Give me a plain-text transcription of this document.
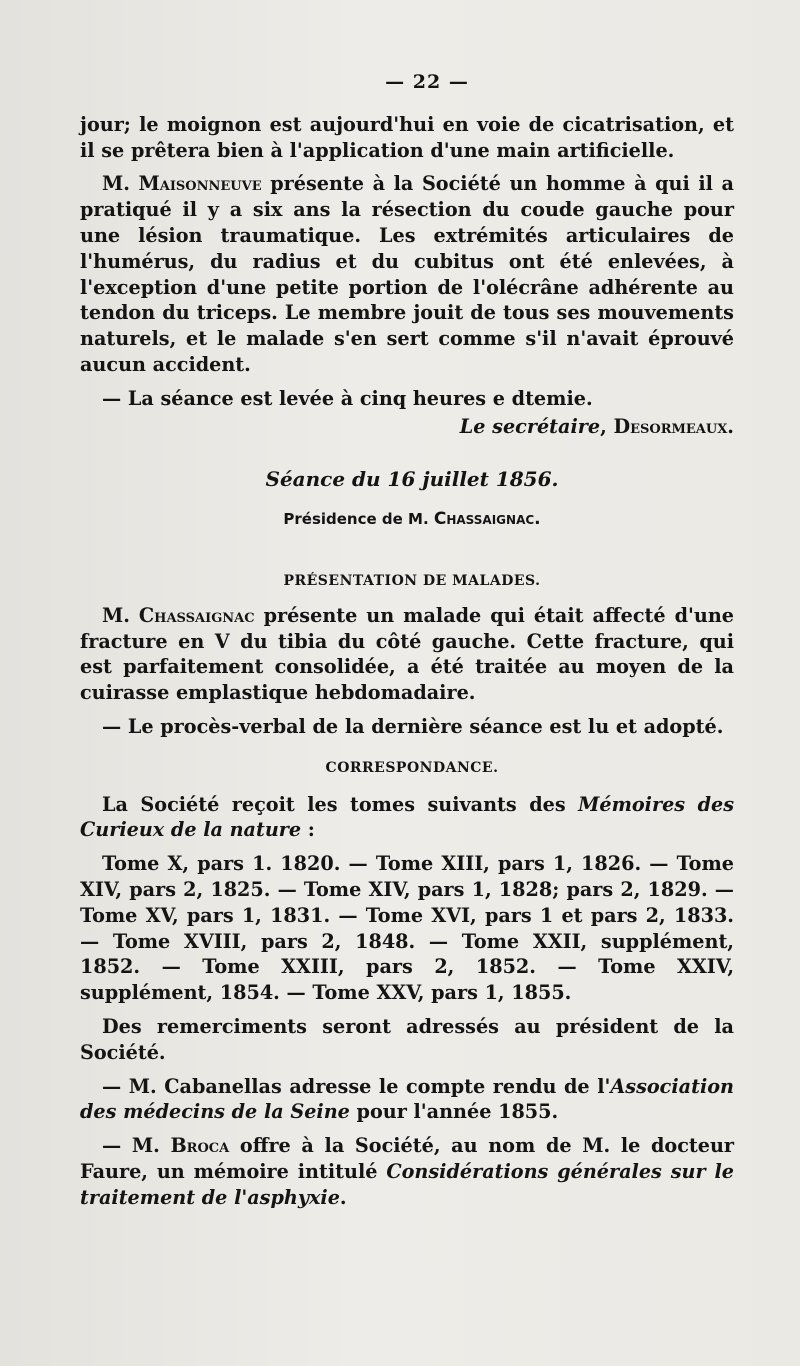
— 22 —

jour; le moignon est aujourd'hui en voie de cicatrisation, et il se prêtera bien à l'application d'une main artificielle.

M. Maisonneuve présente à la Société un homme à qui il a pratiqué il y a six ans la résection du coude gauche pour une lésion traumatique. Les extrémités articulaires de l'humérus, du radius et du cubitus ont été enlevées, à l'exception d'une petite portion de l'olécrâne adhérente au tendon du triceps. Le membre jouit de tous ses mouvements naturels, et le malade s'en sert comme s'il n'avait éprouvé aucun accident.

— La séance est levée à cinq heures e dtemie.

Le secrétaire, Desormeaux.
Séance du 16 juillet 1856.
Présidence de M. Chassaignac.
PRÉSENTATION DE MALADES.

M. Chassaignac présente un malade qui était affecté d'une fracture en V du tibia du côté gauche. Cette fracture, qui est parfaitement consolidée, a été traitée au moyen de la cuirasse emplastique hebdomadaire.

— Le procès-verbal de la dernière séance est lu et adopté.

CORRESPONDANCE.

La Société reçoit les tomes suivants des Mémoires des Curieux de la nature :

Tome X, pars 1. 1820. — Tome XIII, pars 1, 1826. — Tome XIV, pars 2, 1825. — Tome XIV, pars 1, 1828; pars 2, 1829. — Tome XV, pars 1, 1831. — Tome XVI, pars 1 et pars 2, 1833. — Tome XVIII, pars 2, 1848. — Tome XXII, supplément, 1852. — Tome XXIII, pars 2, 1852. — Tome XXIV, supplément, 1854. — Tome XXV, pars 1, 1855.

Des remerciments seront adressés au président de la Société.

— M. Cabanellas adresse le compte rendu de l'Association des médecins de la Seine pour l'année 1855.

— M. Broca offre à la Société, au nom de M. le docteur Faure, un mémoire intitulé Considérations générales sur le traitement de l'asphyxie.
